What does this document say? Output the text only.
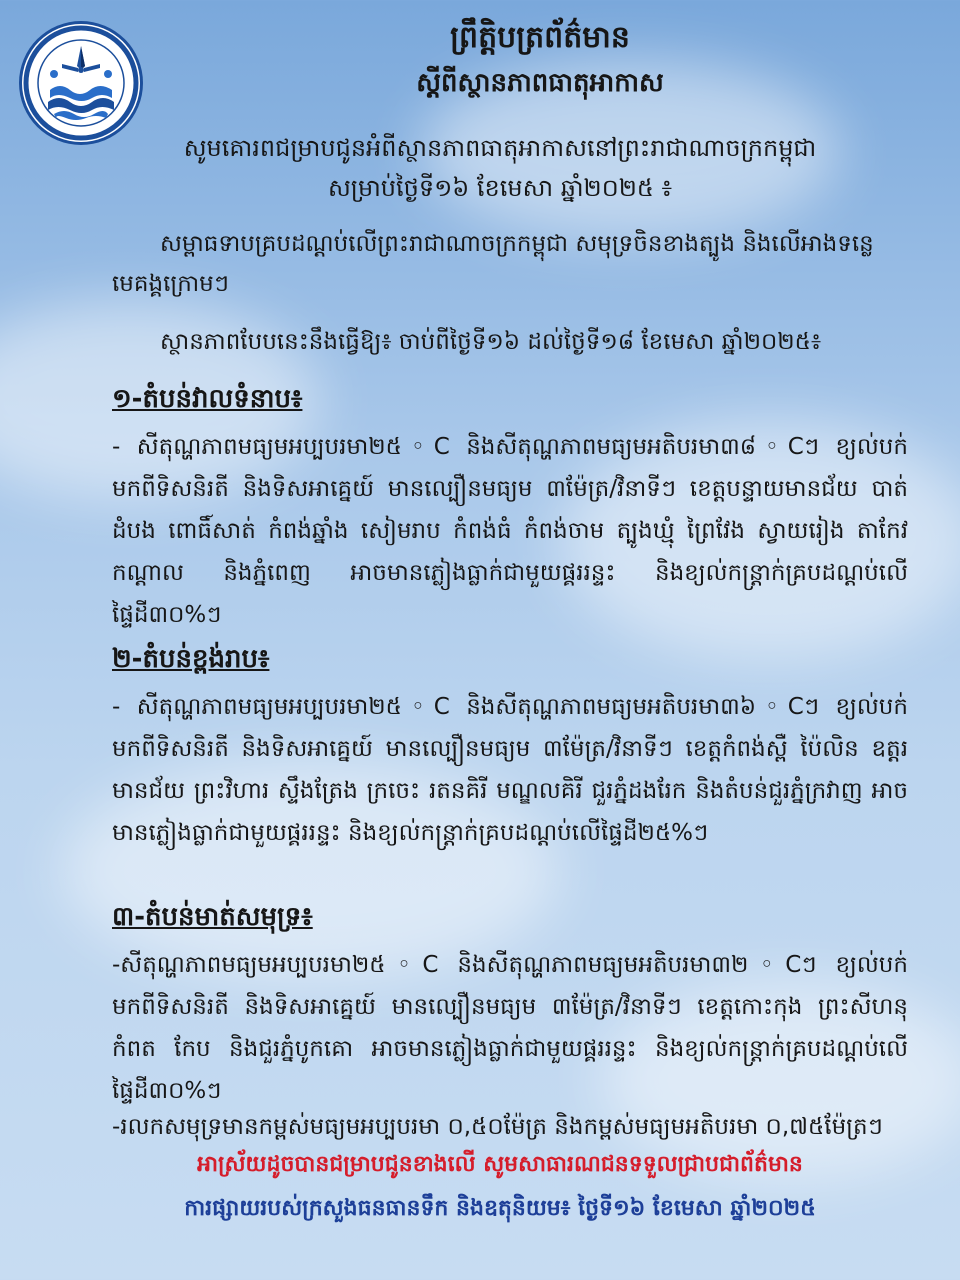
ព្រឹត្តិបត្រព័ត៌មាន
ស្តីពីស្ថានភាពធាតុអាកាស
សូមគោរពជម្រាបជូនអំពីស្ថានភាពធាតុអាកាសនៅព្រះរាជាណាចក្រកម្ពុជា
សម្រាប់ថ្ងៃទី១៦ ខែមេសា ឆ្នាំ២០២៥ ៖
សម្ពាធទាបគ្របដណ្តប់លើព្រះរាជាណាចក្រកម្ពុជា សមុទ្រចិនខាងត្បូង និងលើអាងទន្លេមេគង្គក្រោមៗ
ស្ថានភាពបែបនេះនឹងធ្វើឱ្យ៖ ចាប់ពីថ្ងៃទី១៦ ដល់ថ្ងៃទី១៨ ខែមេសា ឆ្នាំ២០២៥៖
១-តំបន់វាលទំនាប៖
- សីតុណ្ហភាពមធ្យមអប្បបរមា២៥◦C និងសីតុណ្ហភាពមធ្យមអតិបរមា៣៨◦Cៗ ខ្យល់បក់មកពីទិសនិរតី និងទិសអាគ្នេយ៍ មានល្បឿនមធ្យម ៣ម៉ែត្រ/វិនាទីៗ ខេត្តបន្ទាយមានជ័យ បាត់ដំបង ពោធិ៍សាត់ កំពង់ឆ្នាំង សៀមរាប កំពង់ធំ កំពង់ចាម ត្បូងឃ្មុំ ព្រៃវែង ស្វាយរៀង តាកែវ កណ្តាល និងភ្នំពេញ អាចមានភ្លៀងធ្លាក់ជាមួយផ្គររន្ទះ និងខ្យល់កន្ត្រាក់គ្របដណ្តប់លើផ្ទៃដី៣០%ៗ
២-តំបន់ខ្ពង់រាប៖
- សីតុណ្ហភាពមធ្យមអប្បបរមា២៥◦C និងសីតុណ្ហភាពមធ្យមអតិបរមា៣៦◦Cៗ ខ្យល់បក់មកពីទិសនិរតី និងទិសអាគ្នេយ៍ មានល្បឿនមធ្យម ៣ម៉ែត្រ/វិនាទីៗ ខេត្តកំពង់ស្ពឺ ប៉ៃលិន ឧត្តរមានជ័យ ព្រះវិហារ ស្ទឹងត្រែង ក្រចេះ រតនគិរី មណ្ឌលគិរី ជួរភ្នំដងរែក និងតំបន់ជួរភ្នំក្រវាញ អាចមានភ្លៀងធ្លាក់ជាមួយផ្គររន្ទះ និងខ្យល់កន្ត្រាក់គ្របដណ្តប់លើផ្ទៃដី២៥%ៗ
៣-តំបន់មាត់សមុទ្រ៖
-សីតុណ្ហភាពមធ្យមអប្បបរមា២៥◦C និងសីតុណ្ហភាពមធ្យមអតិបរមា៣២◦Cៗ ខ្យល់បក់មកពីទិសនិរតី និងទិសអាគ្នេយ៍ មានល្បឿនមធ្យម ៣ម៉ែត្រ/វិនាទីៗ ខេត្តកោះកុង ព្រះសីហនុ កំពត កែប និងជួរភ្នំបូកគោ អាចមានភ្លៀងធ្លាក់ជាមួយផ្គររន្ទះ និងខ្យល់កន្ត្រាក់គ្របដណ្តប់លើផ្ទៃដី៣០%ៗ
-រលកសមុទ្រមានកម្ពស់មធ្យមអប្បបរមា ០,៥០ម៉ែត្រ និងកម្ពស់មធ្យមអតិបរមា ០,៧៥ម៉ែត្រៗ
អាស្រ័យដូចបានជម្រាបជូនខាងលើ សូមសាធារណជនទទួលជ្រាបជាព័ត៌មាន
ការផ្សាយរបស់ក្រសួងធនធានទឹក និងឧតុនិយម៖ ថ្ងៃទី១៦ ខែមេសា ឆ្នាំ២០២៥
